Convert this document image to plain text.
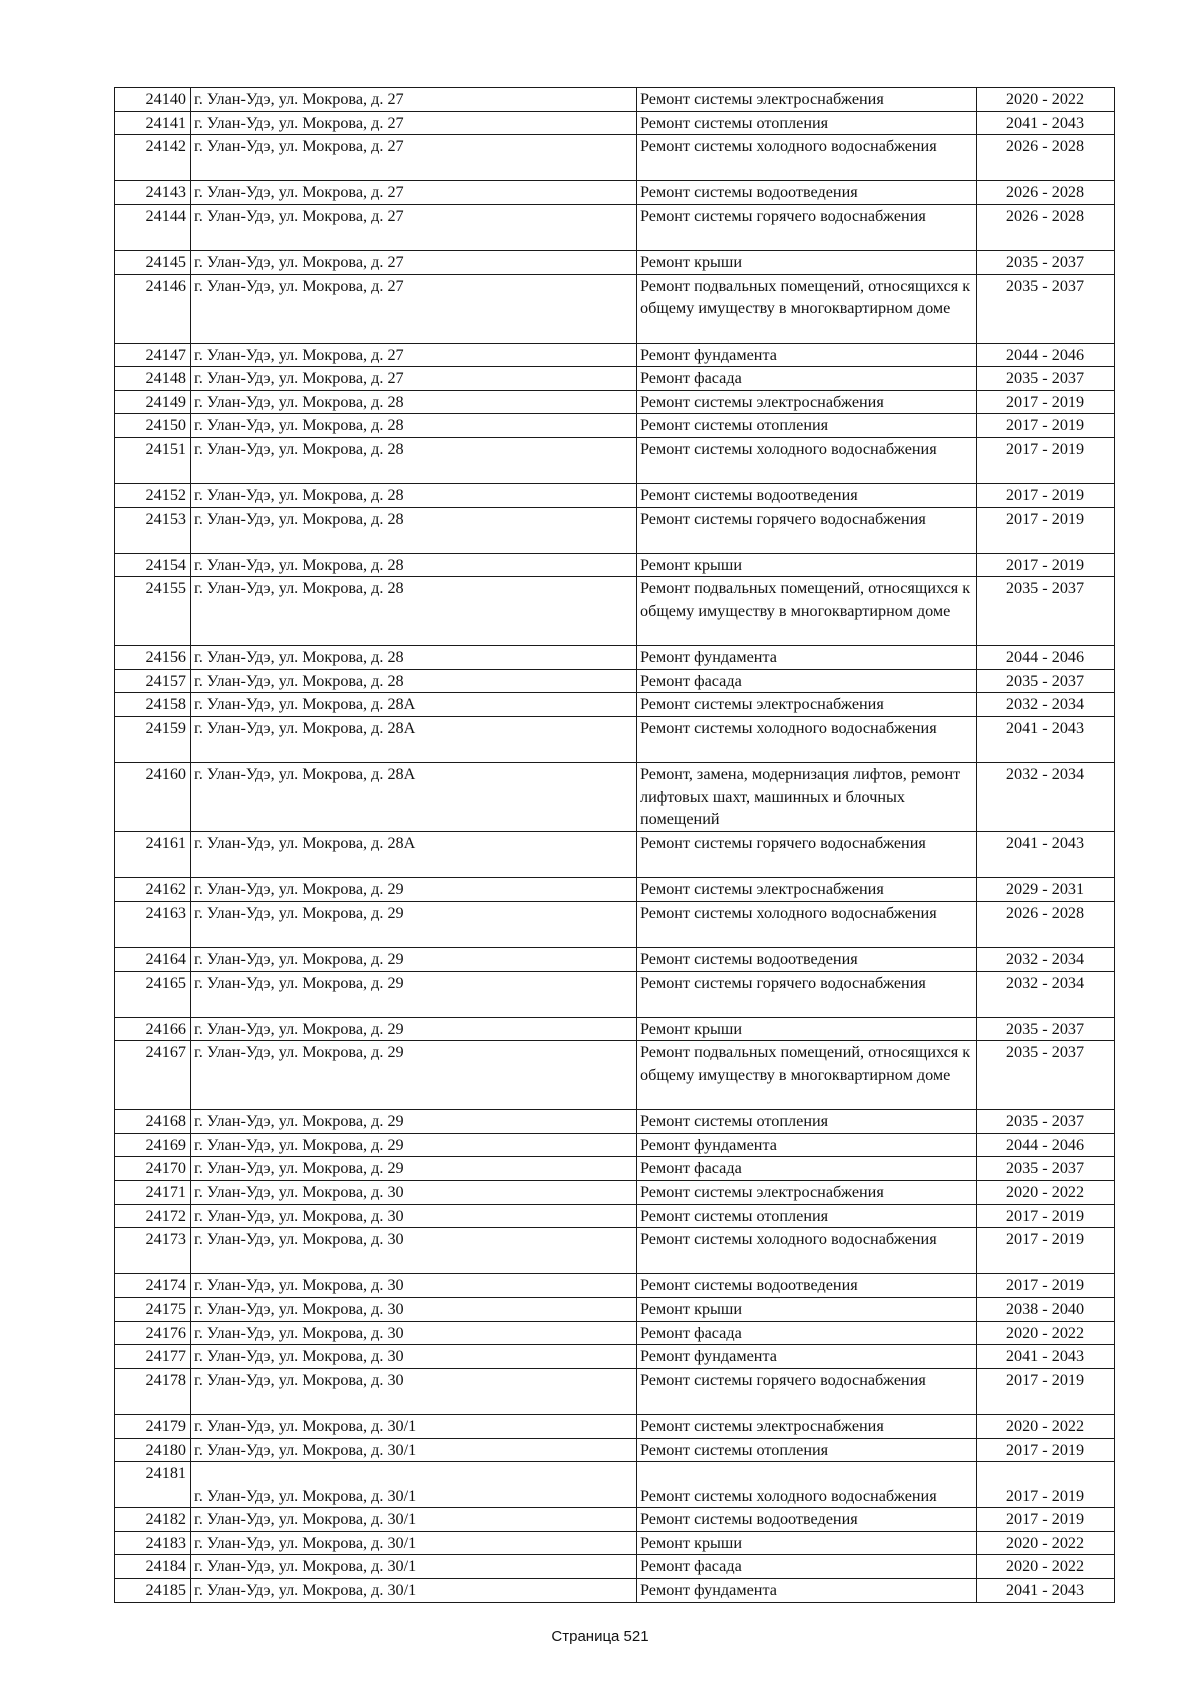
24140	г. Улан-Удэ, ул. Мокрова, д. 27	Ремонт системы электроснабжения	2020 - 2022
24141	г. Улан-Удэ, ул. Мокрова, д. 27	Ремонт системы отопления	2041 - 2043
24142	г. Улан-Удэ, ул. Мокрова, д. 27	Ремонт системы холодного водоснабжения	2026 - 2028
24143	г. Улан-Удэ, ул. Мокрова, д. 27	Ремонт системы водоотведения	2026 - 2028
24144	г. Улан-Удэ, ул. Мокрова, д. 27	Ремонт системы горячего водоснабжения	2026 - 2028
24145	г. Улан-Удэ, ул. Мокрова, д. 27	Ремонт крыши	2035 - 2037
24146	г. Улан-Удэ, ул. Мокрова, д. 27	Ремонт подвальных помещений, относящихся к общему имуществу в многоквартирном доме	2035 - 2037
24147	г. Улан-Удэ, ул. Мокрова, д. 27	Ремонт фундамента	2044 - 2046
24148	г. Улан-Удэ, ул. Мокрова, д. 27	Ремонт фасада	2035 - 2037
24149	г. Улан-Удэ, ул. Мокрова, д. 28	Ремонт системы электроснабжения	2017 - 2019
24150	г. Улан-Удэ, ул. Мокрова, д. 28	Ремонт системы отопления	2017 - 2019
24151	г. Улан-Удэ, ул. Мокрова, д. 28	Ремонт системы холодного водоснабжения	2017 - 2019
24152	г. Улан-Удэ, ул. Мокрова, д. 28	Ремонт системы водоотведения	2017 - 2019
24153	г. Улан-Удэ, ул. Мокрова, д. 28	Ремонт системы горячего водоснабжения	2017 - 2019
24154	г. Улан-Удэ, ул. Мокрова, д. 28	Ремонт крыши	2017 - 2019
24155	г. Улан-Удэ, ул. Мокрова, д. 28	Ремонт подвальных помещений, относящихся к общему имуществу в многоквартирном доме	2035 - 2037
24156	г. Улан-Удэ, ул. Мокрова, д. 28	Ремонт фундамента	2044 - 2046
24157	г. Улан-Удэ, ул. Мокрова, д. 28	Ремонт фасада	2035 - 2037
24158	г. Улан-Удэ, ул. Мокрова, д. 28А	Ремонт системы электроснабжения	2032 - 2034
24159	г. Улан-Удэ, ул. Мокрова, д. 28А	Ремонт системы холодного водоснабжения	2041 - 2043
24160	г. Улан-Удэ, ул. Мокрова, д. 28А	Ремонт, замена, модернизация лифтов, ремонт лифтовых шахт, машинных и блочных помещений	2032 - 2034
24161	г. Улан-Удэ, ул. Мокрова, д. 28А	Ремонт системы горячего водоснабжения	2041 - 2043
24162	г. Улан-Удэ, ул. Мокрова, д. 29	Ремонт системы электроснабжения	2029 - 2031
24163	г. Улан-Удэ, ул. Мокрова, д. 29	Ремонт системы холодного водоснабжения	2026 - 2028
24164	г. Улан-Удэ, ул. Мокрова, д. 29	Ремонт системы водоотведения	2032 - 2034
24165	г. Улан-Удэ, ул. Мокрова, д. 29	Ремонт системы горячего водоснабжения	2032 - 2034
24166	г. Улан-Удэ, ул. Мокрова, д. 29	Ремонт крыши	2035 - 2037
24167	г. Улан-Удэ, ул. Мокрова, д. 29	Ремонт подвальных помещений, относящихся к общему имуществу в многоквартирном доме	2035 - 2037
24168	г. Улан-Удэ, ул. Мокрова, д. 29	Ремонт системы отопления	2035 - 2037
24169	г. Улан-Удэ, ул. Мокрова, д. 29	Ремонт фундамента	2044 - 2046
24170	г. Улан-Удэ, ул. Мокрова, д. 29	Ремонт фасада	2035 - 2037
24171	г. Улан-Удэ, ул. Мокрова, д. 30	Ремонт системы электроснабжения	2020 - 2022
24172	г. Улан-Удэ, ул. Мокрова, д. 30	Ремонт системы отопления	2017 - 2019
24173	г. Улан-Удэ, ул. Мокрова, д. 30	Ремонт системы холодного водоснабжения	2017 - 2019
24174	г. Улан-Удэ, ул. Мокрова, д. 30	Ремонт системы водоотведения	2017 - 2019
24175	г. Улан-Удэ, ул. Мокрова, д. 30	Ремонт крыши	2038 - 2040
24176	г. Улан-Удэ, ул. Мокрова, д. 30	Ремонт фасада	2020 - 2022
24177	г. Улан-Удэ, ул. Мокрова, д. 30	Ремонт фундамента	2041 - 2043
24178	г. Улан-Удэ, ул. Мокрова, д. 30	Ремонт системы горячего водоснабжения	2017 - 2019
24179	г. Улан-Удэ, ул. Мокрова, д. 30/1	Ремонт системы электроснабжения	2020 - 2022
24180	г. Улан-Удэ, ул. Мокрова, д. 30/1	Ремонт системы отопления	2017 - 2019
24181	г. Улан-Удэ, ул. Мокрова, д. 30/1	Ремонт системы холодного водоснабжения	2017 - 2019
24182	г. Улан-Удэ, ул. Мокрова, д. 30/1	Ремонт системы водоотведения	2017 - 2019
24183	г. Улан-Удэ, ул. Мокрова, д. 30/1	Ремонт крыши	2020 - 2022
24184	г. Улан-Удэ, ул. Мокрова, д. 30/1	Ремонт фасада	2020 - 2022
24185	г. Улан-Удэ, ул. Мокрова, д. 30/1	Ремонт фундамента	2041 - 2043
Страница 521
